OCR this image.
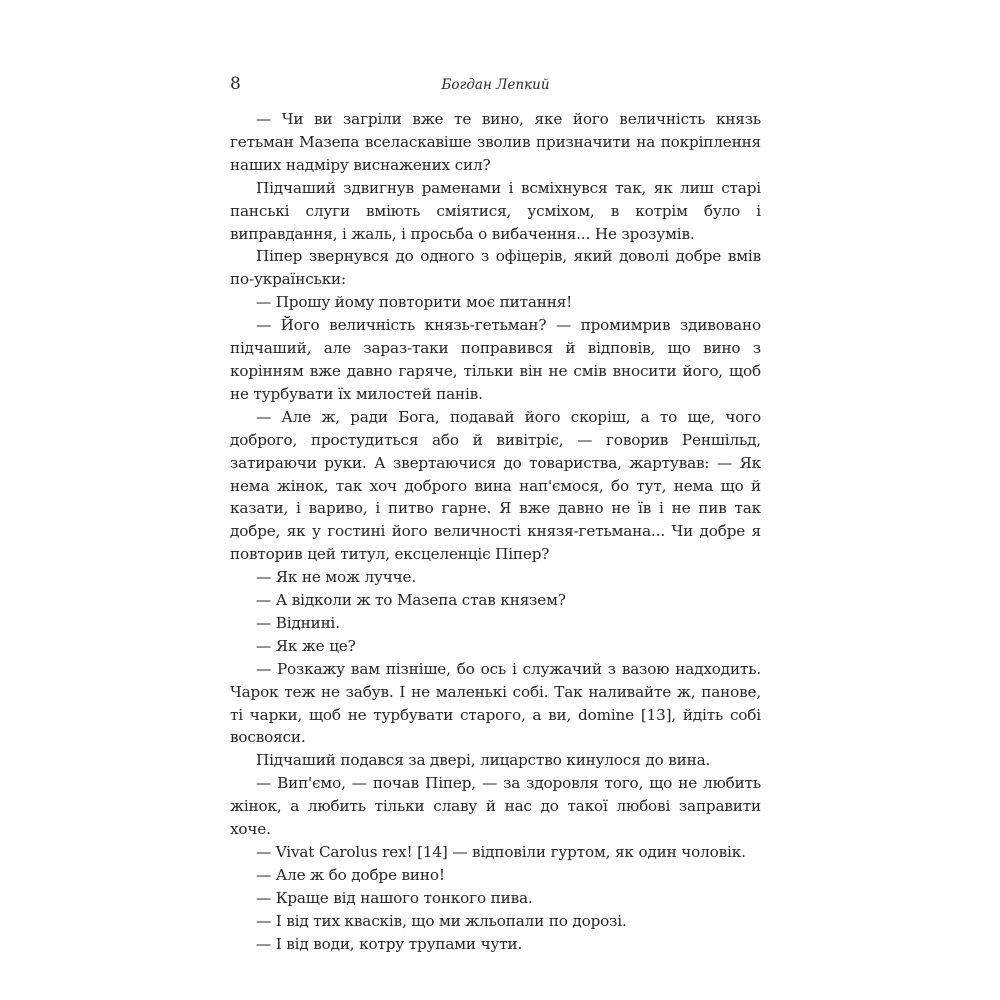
8	Богдан Лепкий

— Чи ви загріли вже те вино, яке його величність князь гетьман Мазепа вселаскавіше зволив призначити на покріплення наших надміру виснажених сил?

Підчаший здвигнув раменами і всміхнувся так, як лиш старі панські слуги вміють сміятися, усміхом, в котрім було і виправдання, і жаль, і просьба о вибачення... Не зрозумів.

Піпер звернувся до одного з офіцерів, який доволі добре вмів по-українськи:

— Прошу йому повторити моє питання!

— Його величність князь-гетьман? — промимрив здивовано підчаший, але зараз-таки поправився й відповів, що вино з корінням вже давно гаряче, тільки він не смів вносити його, щоб не турбувати їх милостей панів.

— Але ж, ради Бога, подавай його скоріш, а то ще, чого доброго, простудиться або й вивітріє, — говорив Реншільд, затираючи руки. А звертаючися до товариства, жартував: — Як нема жінок, так хоч доброго вина нап'ємося, бо тут, нема що й казати, і вариво, і питво гарне. Я вже давно не їв і не пив так добре, як у гостині його величності князя-гетьмана... Чи добре я повторив цей титул, ексцеленціє Піпер?

— Як не мож лучче.

— А відколи ж то Мазепа став князем?

— Віднині.

— Як же це?

— Розкажу вам пізніше, бо ось і служачий з вазою надходить. Чарок теж не забув. І не маленькі собі. Так наливайте ж, панове, ті чарки, щоб не турбувати старого, а ви, domine [13], йдіть собі восвояси.

Підчаший подався за двері, лицарство кинулося до вина.

— Вип'ємо, — почав Піпер, — за здоровля того, що не любить жінок, а любить тільки славу й нас до такої любові заправити хоче.

— Vivat Carolus rex! [14] — відповіли гуртом, як один чоловік.

— Але ж бо добре вино!

— Краще від нашого тонкого пива.

— І від тих квасків, що ми жльопали по дорозі.

— І від води, котру трупами чути.
